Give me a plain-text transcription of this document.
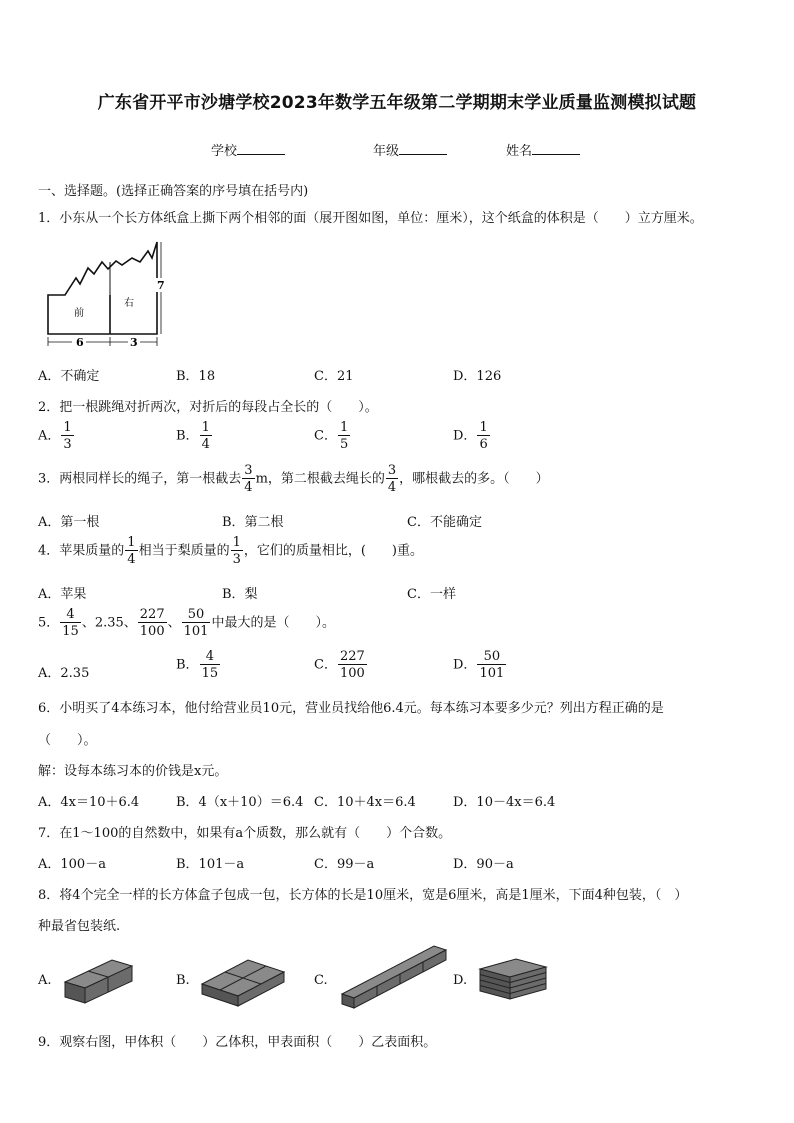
广东省开平市沙塘学校2023年数学五年级第二学期期末学业质量监测模拟试题
学校	年级	姓名
一、选择题。(选择正确答案的序号填在括号内)
1．小东从一个长方体纸盒上撕下两个相邻的面（展开图如图，单位：厘米），这个纸盒的体积是（　　）立方厘米。
前
右
6	3
7
A．不确定	B．18	C．21	D．126
2．把一根跳绳对折两次，对折后的每段占全长的（　　）。
A． $\frac{1}{3}$	B． $\frac{1}{4}$	C． $\frac{1}{5}$	D． $\frac{1}{6}$
3．两根同样长的绳子，第一根截去 $\frac{3}{4}$ m，第二根截去绳长的 $\frac{3}{4}$ ，哪根截去的多。（　　）
A．第一根	B．第二根	C．不能确定
4．苹果质量的 $\frac{1}{4}$ 相当于梨质量的 $\frac{1}{3}$ ，它们的质量相比，(　　)重。
A．苹果	B．梨	C．一样
5． $\frac{4}{15}$ 、2.35、 $\frac{227}{100}$ 、 $\frac{50}{101}$ 中最大的是（　　）。
A．2.35
B． $\frac{4}{15}$	C． $\frac{227}{100}$	D． $\frac{50}{101}$
6．小明买了4本练习本，他付给营业员10元，营业员找给他6.4元。每本练习本要多少元？列出方程正确的是
（　　）。
解：设每本练习本的价钱是x元。
A．4x＝10＋6.4	B．4（x＋10）＝6.4 C．10＋4x＝6.4	D．10－4x＝6.4
7．在1～100的自然数中，如果有a个质数，那么就有（　　）个合数。
A．100－a	B．101－a	C．99－a	D．90－a
8．将4个完全一样的长方体盒子包成一包，长方体的长是10厘米，宽是6厘米，高是1厘米，下面4种包装，（　）
种最省包装纸.
A.	B.	C.	D.
9．观察右图，甲体积（　　）乙体积，甲表面积（　　）乙表面积。
